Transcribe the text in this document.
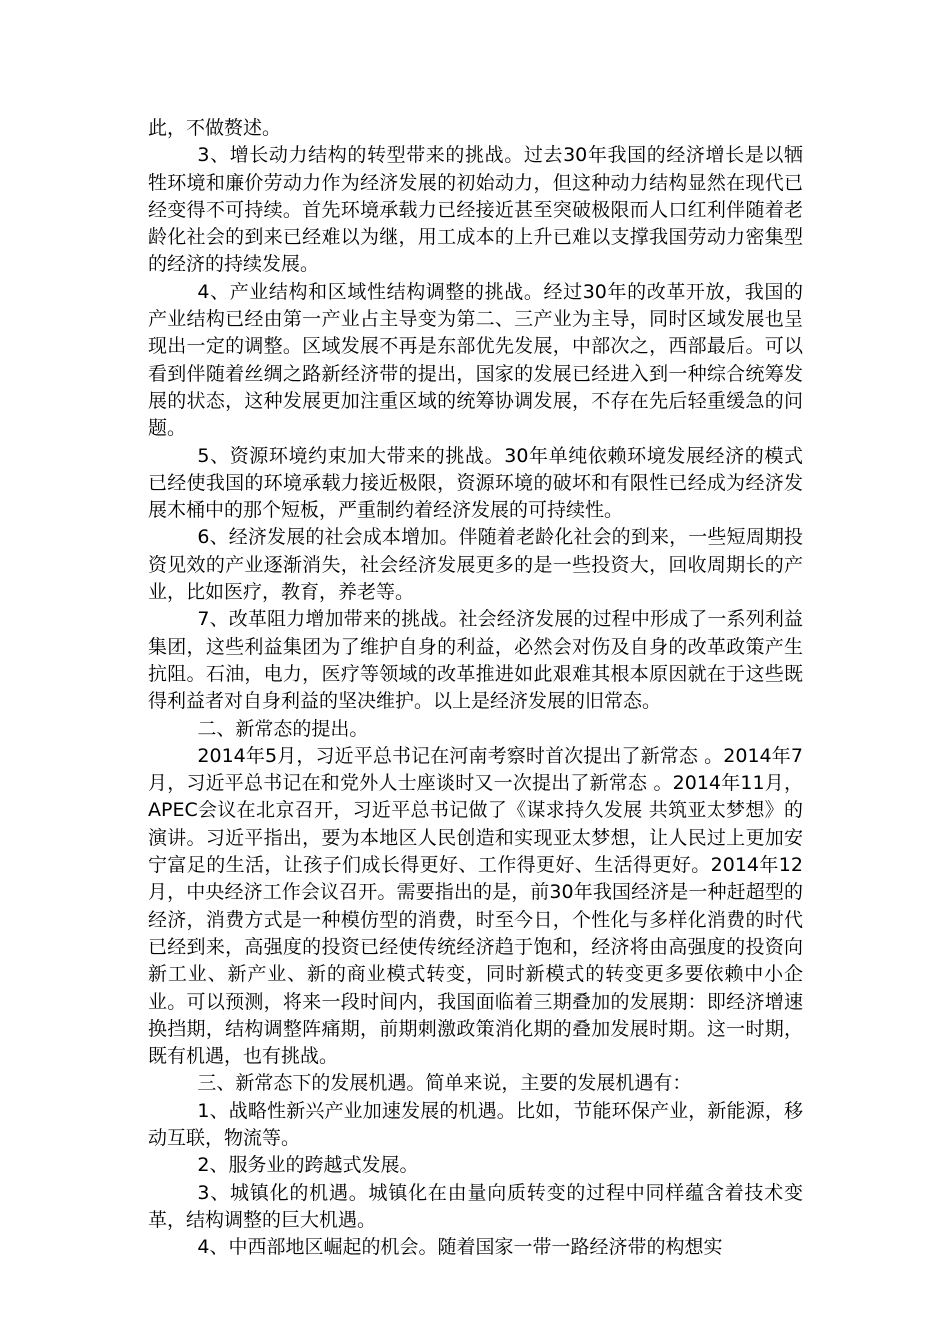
此，不做赘述。

3、增长动力结构的转型带来的挑战。过去30年我国的经济增长是以牺牲环境和廉价劳动力作为经济发展的初始动力，但这种动力结构显然在现代已经变得不可持续。首先环境承载力已经接近甚至突破极限而人口红利伴随着老龄化社会的到来已经难以为继，用工成本的上升已难以支撑我国劳动力密集型的经济的持续发展。

4、产业结构和区域性结构调整的挑战。经过30年的改革开放，我国的产业结构已经由第一产业占主导变为第二、三产业为主导，同时区域发展也呈现出一定的调整。区域发展不再是东部优先发展，中部次之，西部最后。可以看到伴随着丝绸之路新经济带的提出，国家的发展已经进入到一种综合统筹发展的状态，这种发展更加注重区域的统筹协调发展，不存在先后轻重缓急的问题。

5、资源环境约束加大带来的挑战。30年单纯依赖环境发展经济的模式已经使我国的环境承载力接近极限，资源环境的破坏和有限性已经成为经济发展木桶中的那个短板，严重制约着经济发展的可持续性。

6、经济发展的社会成本增加。伴随着老龄化社会的到来，一些短周期投资见效的产业逐渐消失，社会经济发展更多的是一些投资大，回收周期长的产业，比如医疗，教育，养老等。

7、改革阻力增加带来的挑战。社会经济发展的过程中形成了一系列利益集团，这些利益集团为了维护自身的利益，必然会对伤及自身的改革政策产生抗阻。石油，电力，医疗等领域的改革推进如此艰难其根本原因就在于这些既得利益者对自身利益的坚决维护。以上是经济发展的旧常态。

二、新常态的提出。

2014年5月，习近平总书记在河南考察时首次提出了新常态 。2014年7月，习近平总书记在和党外人士座谈时又一次提出了新常态 。2014年11月，APEC会议在北京召开，习近平总书记做了《谋求持久发展 共筑亚太梦想》的演讲。习近平指出，要为本地区人民创造和实现亚太梦想，让人民过上更加安宁富足的生活，让孩子们成长得更好、工作得更好、生活得更好。2014年12月，中央经济工作会议召开。需要指出的是，前30年我国经济是一种赶超型的经济，消费方式是一种模仿型的消费，时至今日，个性化与多样化消费的时代已经到来，高强度的投资已经使传统经济趋于饱和，经济将由高强度的投资向新工业、新产业、新的商业模式转变，同时新模式的转变更多要依赖中小企业。可以预测，将来一段时间内，我国面临着三期叠加的发展期：即经济增速换挡期，结构调整阵痛期，前期刺激政策消化期的叠加发展时期。这一时期，既有机遇，也有挑战。

三、新常态下的发展机遇。简单来说，主要的发展机遇有：

1、战略性新兴产业加速发展的机遇。比如，节能环保产业，新能源，移动互联，物流等。

2、服务业的跨越式发展。

3、城镇化的机遇。城镇化在由量向质转变的过程中同样蕴含着技术变革，结构调整的巨大机遇。

4、中西部地区崛起的机会。随着国家一带一路经济带的构想实
